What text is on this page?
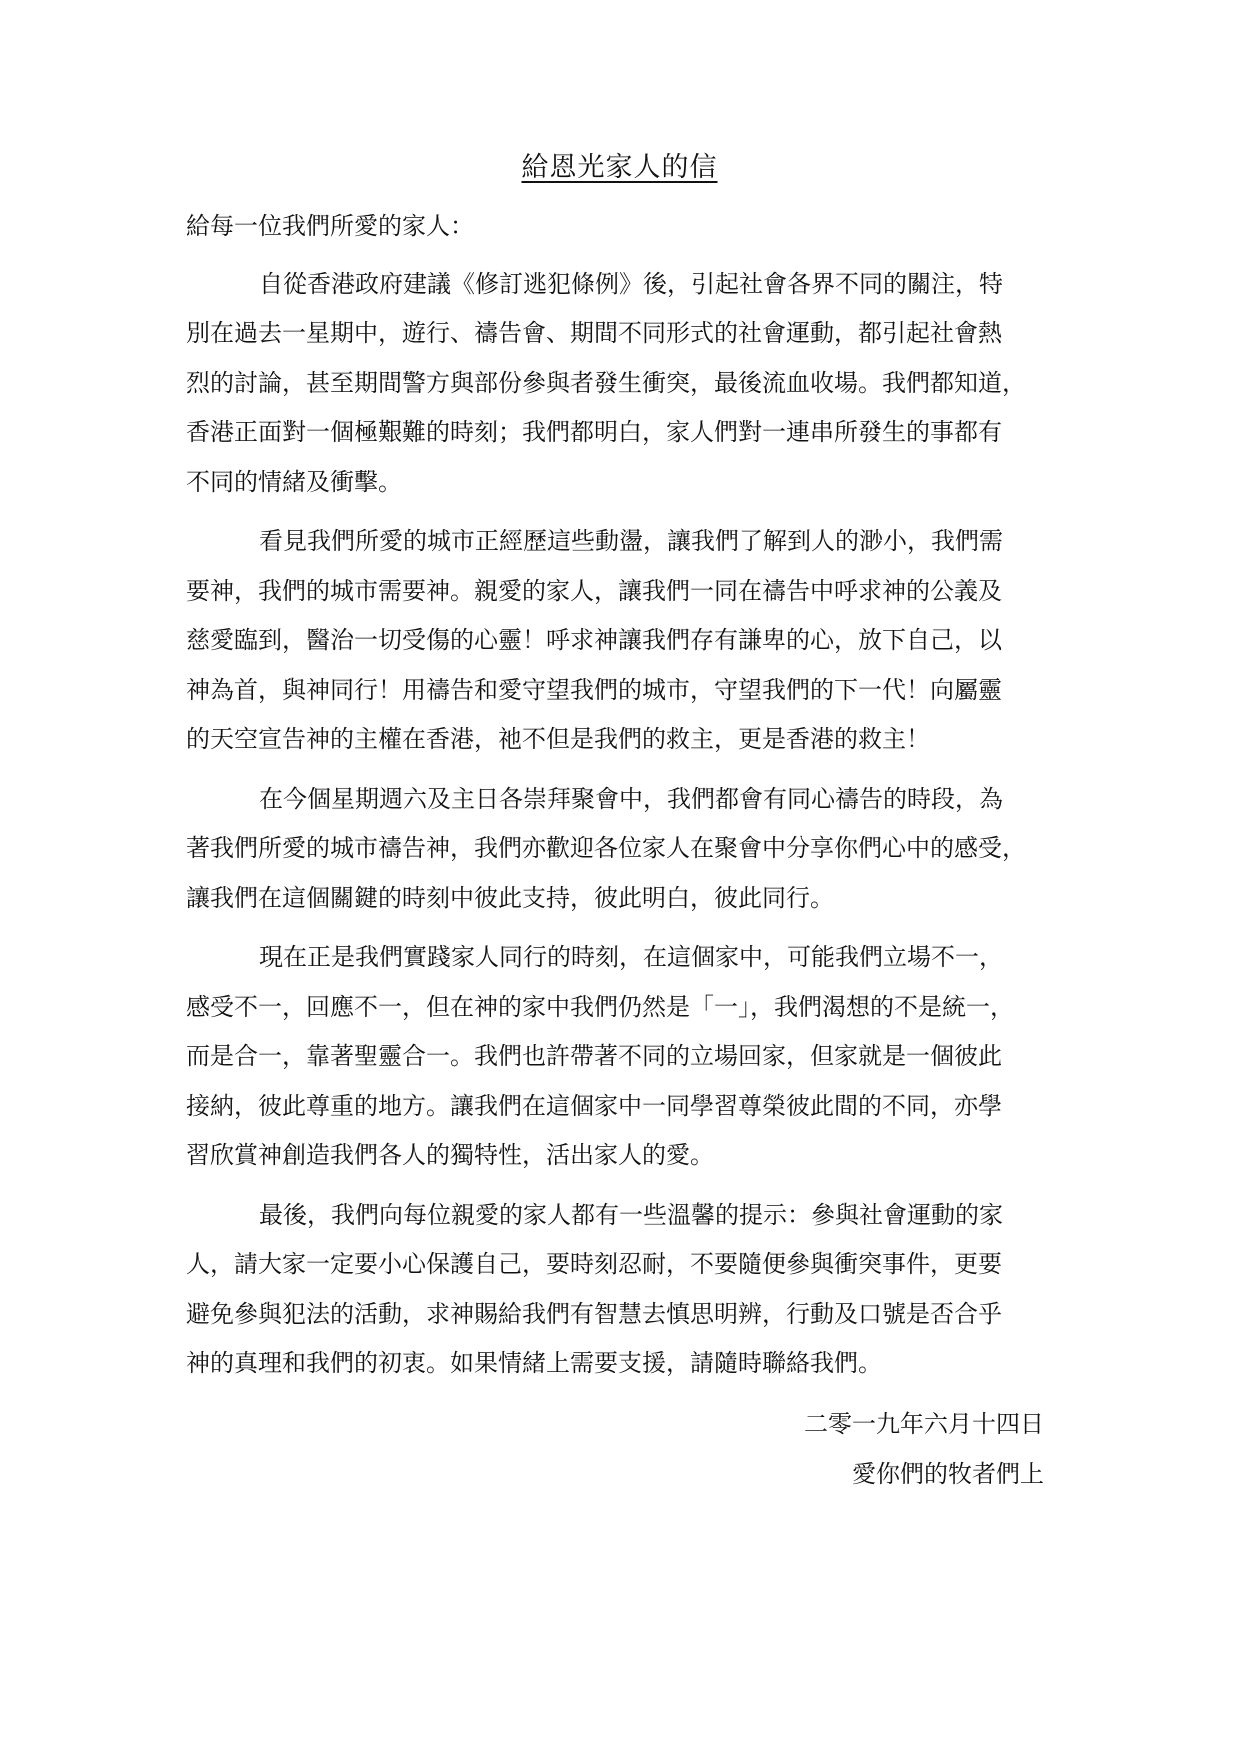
給恩光家人的信
給每一位我們所愛的家人：
自從香港政府建議《修訂逃犯條例》後，引起社會各界不同的關注，特
別在過去一星期中，遊行、禱告會、期間不同形式的社會運動，都引起社會熱
烈的討論，甚至期間警方與部份參與者發生衝突，最後流血收場。我們都知道，
香港正面對一個極艱難的時刻；我們都明白，家人們對一連串所發生的事都有
不同的情緒及衝擊。
看見我們所愛的城市正經歷這些動盪，讓我們了解到人的渺小，我們需
要神，我們的城市需要神。親愛的家人，讓我們一同在禱告中呼求神的公義及
慈愛臨到，醫治一切受傷的心靈！呼求神讓我們存有謙卑的心，放下自己，以
神為首，與神同行！用禱告和愛守望我們的城市，守望我們的下一代！向屬靈
的天空宣告神的主權在香港，祂不但是我們的救主，更是香港的救主！
在今個星期週六及主日各崇拜聚會中，我們都會有同心禱告的時段，為
著我們所愛的城市禱告神，我們亦歡迎各位家人在聚會中分享你們心中的感受，
讓我們在這個關鍵的時刻中彼此支持，彼此明白，彼此同行。
現在正是我們實踐家人同行的時刻，在這個家中，可能我們立場不一，
感受不一，回應不一，但在神的家中我們仍然是「一」，我們渴想的不是統一，
而是合一，靠著聖靈合一。我們也許帶著不同的立場回家，但家就是一個彼此
接納，彼此尊重的地方。讓我們在這個家中一同學習尊榮彼此間的不同，亦學
習欣賞神創造我們各人的獨特性，活出家人的愛。
最後，我們向每位親愛的家人都有一些溫馨的提示：參與社會運動的家
人，請大家一定要小心保護自己，要時刻忍耐，不要隨便參與衝突事件，更要
避免參與犯法的活動，求神賜給我們有智慧去慎思明辨，行動及口號是否合乎
神的真理和我們的初衷。如果情緒上需要支援，請隨時聯絡我們。
二零一九年六月十四日
愛你們的牧者們上
